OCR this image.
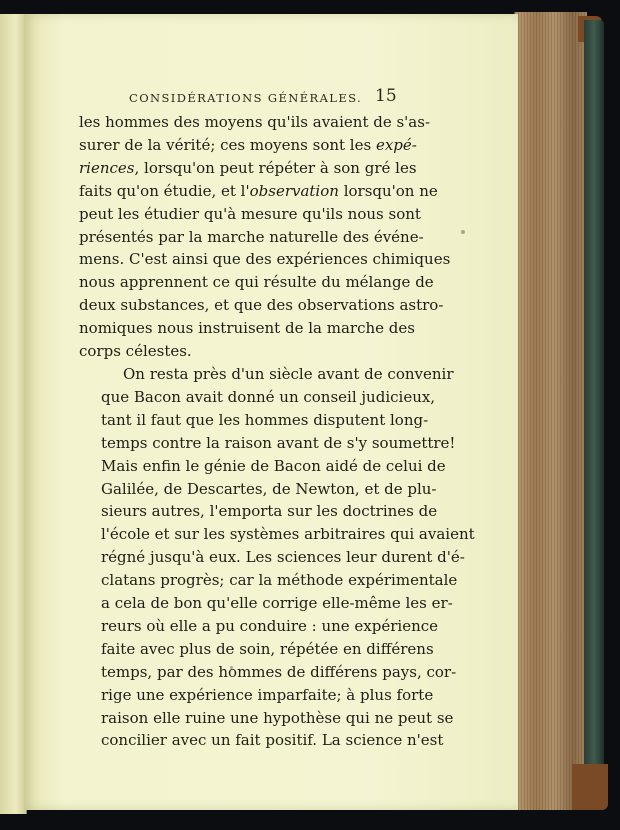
CONSIDÉRATIONS GÉNÉRALES. 15

les hommes des moyens qu'ils avaient de s'as-
surer de la vérité; ces moyens sont les expé-
riences, lorsqu'on peut répéter à son gré les
faits qu'on étudie, et l'observation lorsqu'on ne
peut les étudier qu'à mesure qu'ils nous sont
présentés par la marche naturelle des événe-
mens. C'est ainsi que des expériences chimiques
nous apprennent ce qui résulte du mélange de
deux substances, et que des observations astro-
nomiques nous instruisent de la marche des
corps célestes.

On resta près d'un siècle avant de convenir
que Bacon avait donné un conseil judicieux,
tant il faut que les hommes disputent long-
temps contre la raison avant de s'y soumettre!
Mais enfin le génie de Bacon aidé de celui de
Galilée, de Descartes, de Newton, et de plu-
sieurs autres, l'emporta sur les doctrines de
l'école et sur les systèmes arbitraires qui avaient
régné jusqu'à eux. Les sciences leur durent d'é-
clatans progrès; car la méthode expérimentale
a cela de bon qu'elle corrige elle-même les er-
reurs où elle a pu conduire : une expérience
faite avec plus de soin, répétée en différens
temps, par des hommes de différens pays, cor-
rige une expérience imparfaite; à plus forte
raison elle ruine une hypothèse qui ne peut se
concilier avec un fait positif. La science n'est
